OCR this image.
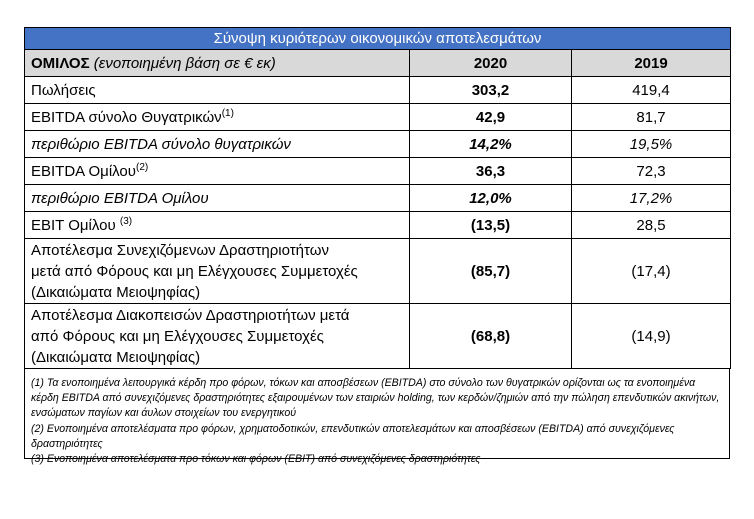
Σύνοψη κυριότερων οικονομικών αποτελεσμάτων		
ΟΜΙΛΟΣ (ενοποιημένη βάση σε € εκ)	2020	2019
Πωλήσεις	303,2	419,4
EBITDA σύνολο Θυγατρικών$^{(1)}$	42,9	81,7
περιθώριο EBITDA σύνολο θυγατρικών	14,2%	19,5%
EBITDA Ομίλου$^{(2)}$	36,3	72,3
περιθώριο EBITDA Ομίλου	12,0%	17,2%
EBIT Ομίλου $^{(3)}$	(13,5)	28,5
Αποτέλεσμα Συνεχιζόμενων Δραστηριοτήτων
μετά από Φόρους και μη Ελέγχουσες Συμμετοχές
(Δικαιώματα Μειοψηφίας)	(85,7)	(17,4)
Αποτέλεσμα Διακοπεισών Δραστηριοτήτων μετά
από Φόρους και μη Ελέγχουσες Συμμετοχές
(Δικαιώματα Μειοψηφίας)	(68,8)	(14,9)

(1) Τα ενοποιημένα λειτουργικά κέρδη προ φόρων, τόκων και αποσβέσεων (EBITDA) στο σύνολο των θυγατρικών ορίζονται ως τα ενοποιημένα κέρδη EBITDA από συνεχιζόμενες δραστηριότητες εξαιρουμένων των εταιριών holding, των κερδών/ζημιών από την πώληση επενδυτικών ακινήτων, ενσώματων παγίων και άυλων στοιχείων του ενεργητικού

(2) Ενοποιημένα αποτελέσματα προ φόρων, χρηματοδοτικών, επενδυτικών αποτελεσμάτων και αποσβέσεων (EBITDA) από συνεχιζόμενες δραστηριότητες

(3) Ενοποιημένα αποτελέσματα προ τόκων και φόρων (EBIT) από συνεχιζόμενες δραστηριότητες
